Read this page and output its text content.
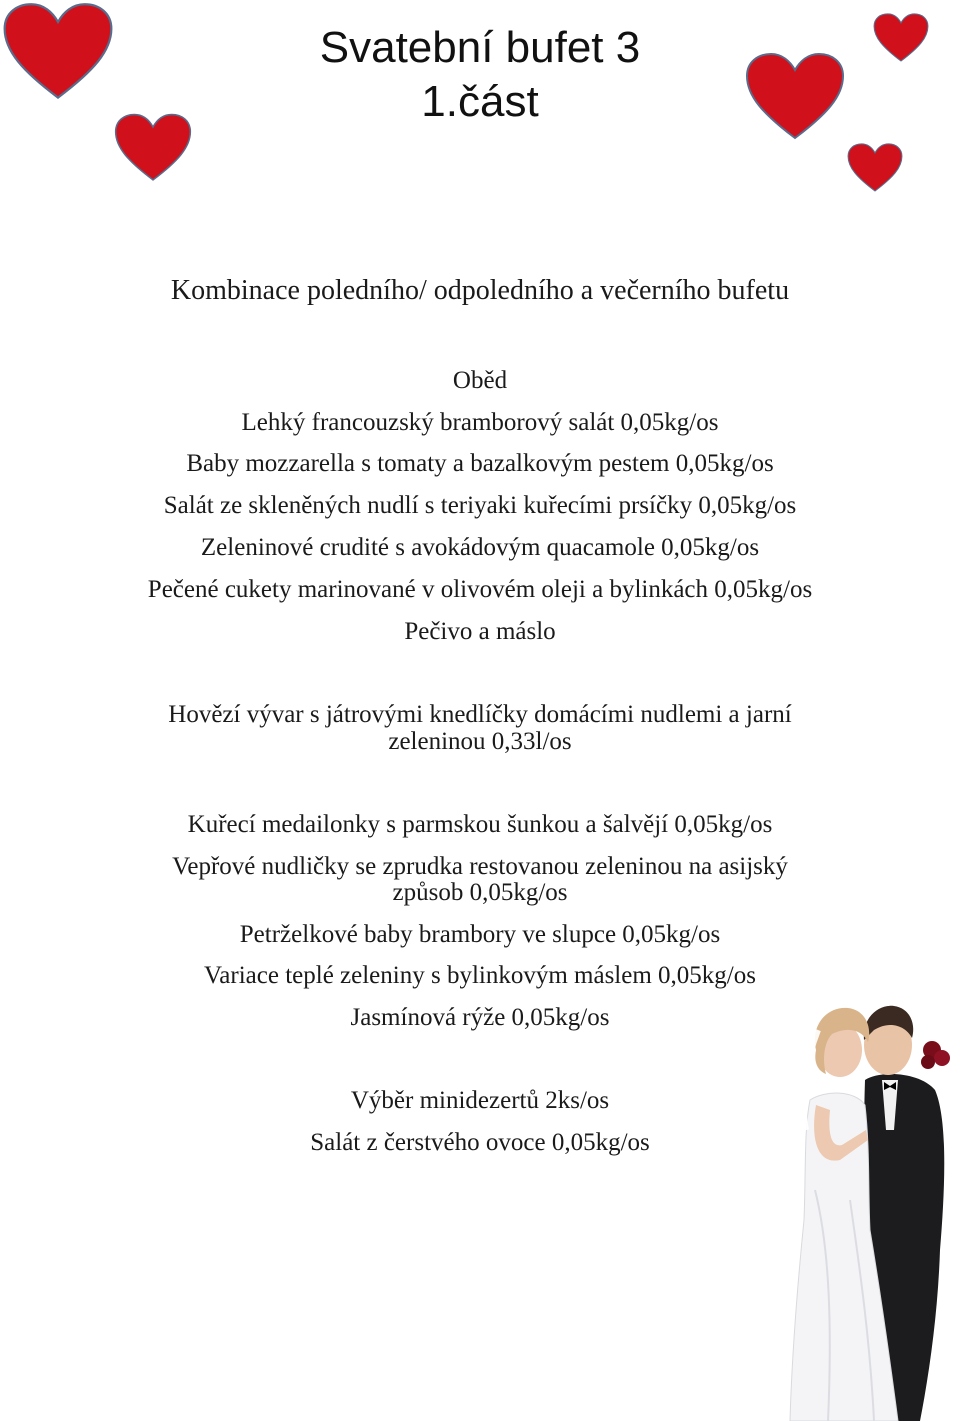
Svatební bufet 3
1.část
Kombinace poledního/ odpoledního a večerního bufetu
Oběd
Lehký francouzský bramborový salát 0,05kg/os
Baby mozzarella s tomaty a bazalkovým pestem 0,05kg/os
Salát ze skleněných nudlí s teriyaki kuřecími prsíčky 0,05kg/os
Zeleninové crudité s avokádovým quacamole 0,05kg/os
Pečené cukety marinované v olivovém oleji a bylinkách 0,05kg/os
Pečivo a máslo
Hovězí vývar s játrovými knedlíčky domácími nudlemi a jarní
zeleninou 0,33l/os
Kuřecí medailonky s parmskou šunkou a šalvějí 0,05kg/os
Vepřové nudličky se zprudka restovanou zeleninou na asijský
způsob 0,05kg/os
Petrželkové baby brambory ve slupce 0,05kg/os
Variace teplé zeleniny s bylinkovým máslem 0,05kg/os
Jasmínová rýže 0,05kg/os
Výběr minidezertů 2ks/os
Salát z čerstvého ovoce 0,05kg/os
